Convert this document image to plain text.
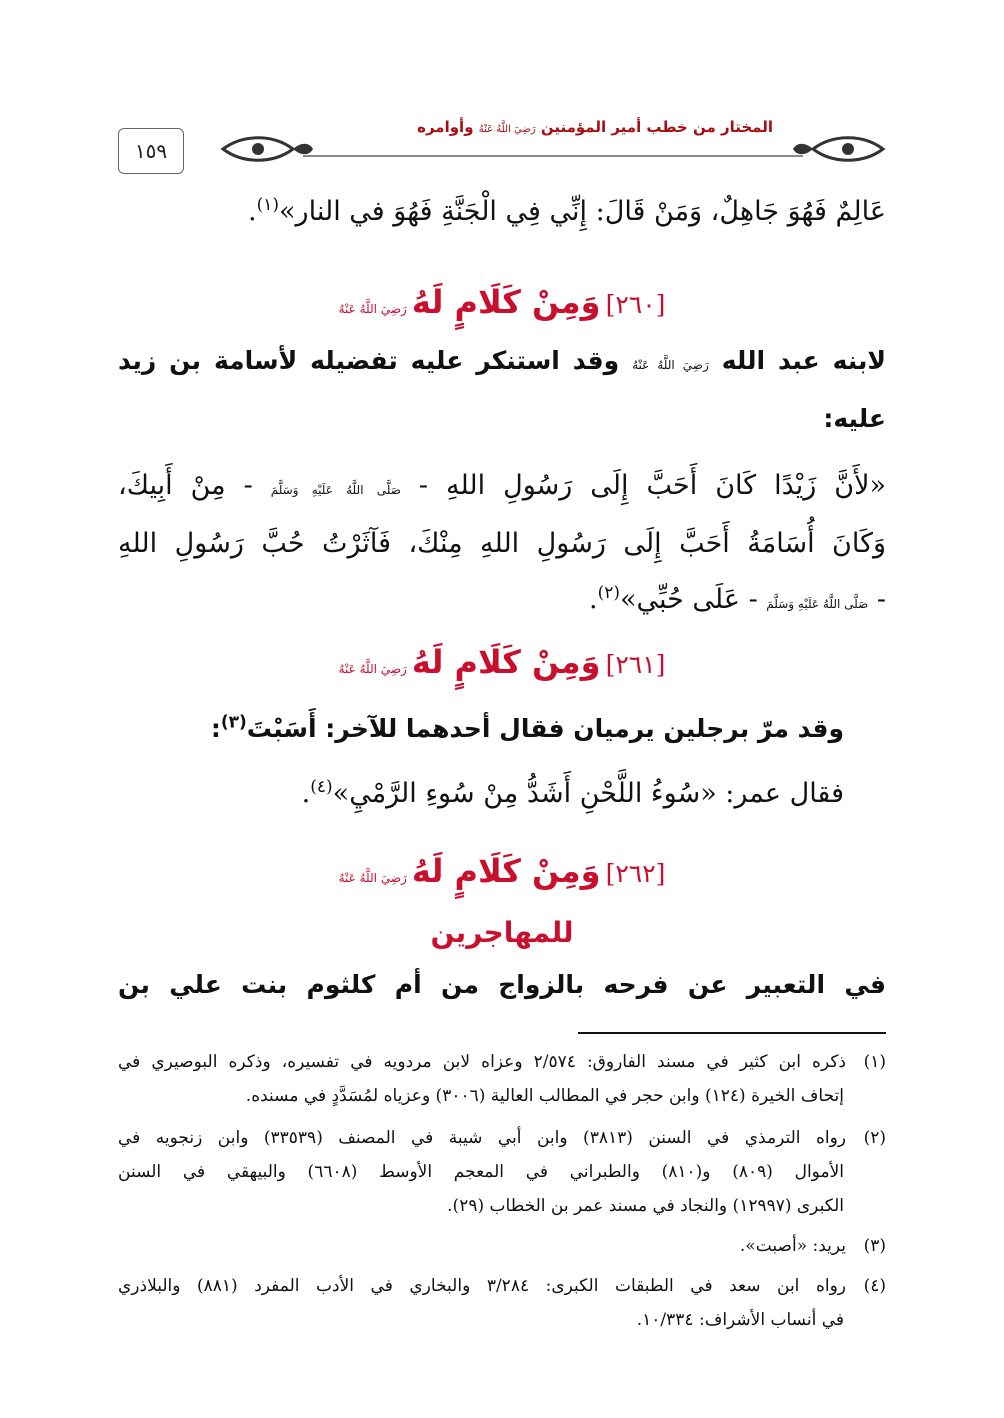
١٥٩
المختار من خطب أمير المؤمنين رَضِيَ اللَّهُ عَنْهُ وأوامره
عَالِمٌ فَهُوَ جَاهِلٌ، وَمَنْ قَالَ: إِنِّي فِي الْجَنَّةِ فَهُوَ في النار»$^{(١)}$.
[٢٦٠] وَمِنْ كَلَامٍ لَهُ رَضِيَ اللَّهُ عَنْهُ
لابنه عبد الله رَضِيَ اللَّهُ عَنْهُ وقد استنكر عليه تفضيله لأسامة بن زيد
عليه:
«لأَنَّ زَيْدًا كَانَ أَحَبَّ إِلَى رَسُولِ اللهِ - صَلَّى اللَّهُ عَلَيْهِ وَسَلَّمَ - مِنْ أَبِيكَ،
وَكَانَ أُسَامَةُ أَحَبَّ إِلَى رَسُولِ اللهِ مِنْكَ، فَآثَرْتُ حُبَّ رَسُولِ اللهِ
- صَلَّى اللَّهُ عَلَيْهِ وَسَلَّمَ - عَلَى حُبِّي»$^{(٢)}$.
[٢٦١] وَمِنْ كَلَامٍ لَهُ رَضِيَ اللَّهُ عَنْهُ
وقد مرّ برجلين يرميان فقال أحدهما للآخر: أَسَبْتَ$^{(٣)}$:
فقال عمر: «سُوءُ اللَّحْنِ أَشَدُّ مِنْ سُوءِ الرَّمْيِ»$^{(٤)}$.
[٢٦٢] وَمِنْ كَلَامٍ لَهُ رَضِيَ اللَّهُ عَنْهُ
للمهاجرين
في التعبير عن فرحه بالزواج من أم كلثوم بنت علي بن
(١)ذكره ابن كثير في مسند الفاروق: ٢/٥٧٤ وعزاه لابن مردويه في تفسيره، وذكره البوصيري في
إتحاف الخيرة (١٢٤) وابن حجر في المطالب العالية (٣٠٠٦) وعزياه لمُسَدَّدٍ في مسنده.
(٢)رواه الترمذي في السنن (٣٨١٣) وابن أبي شيبة في المصنف (٣٣٥٣٩) وابن زنجويه في
الأموال (٨٠٩) و(٨١٠) والطبراني في المعجم الأوسط (٦٦٠٨) والبيهقي في السنن
الكبرى (١٢٩٩٧) والنجاد في مسند عمر بن الخطاب (٢٩).
(٣)يريد: «أصبت».
(٤)رواه ابن سعد في الطبقات الكبرى: ٣/٢٨٤ والبخاري في الأدب المفرد (٨٨١) والبلاذري
في أنساب الأشراف: ١٠/٣٣٤.
